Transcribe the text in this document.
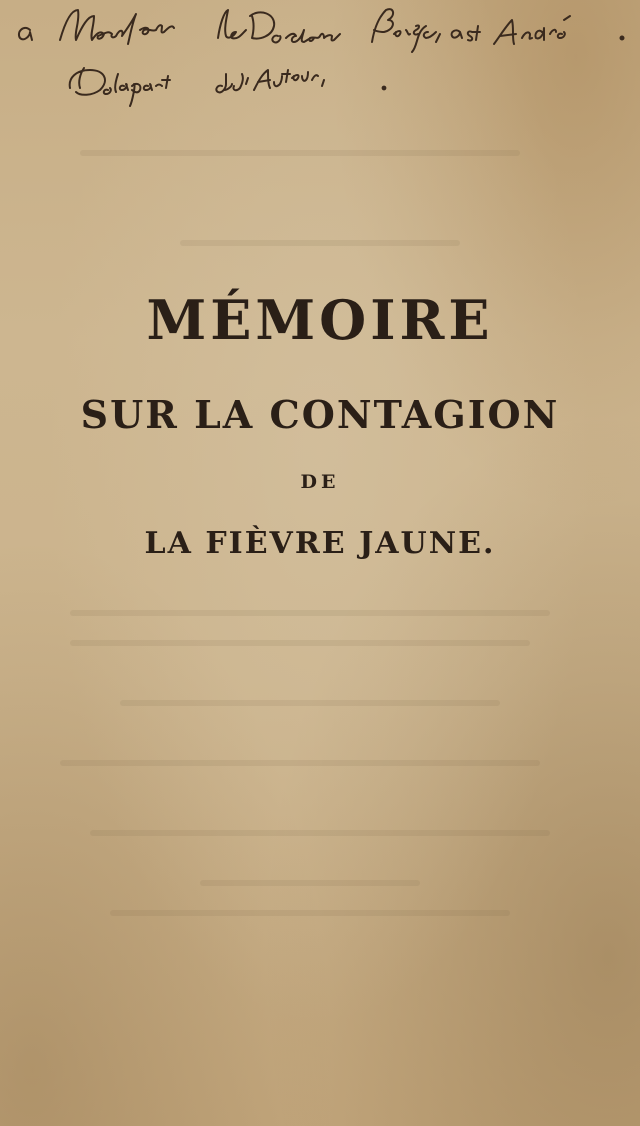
MÉMOIRE
SUR LA CONTAGION
DE
LA FIÈVRE JAUNE.
